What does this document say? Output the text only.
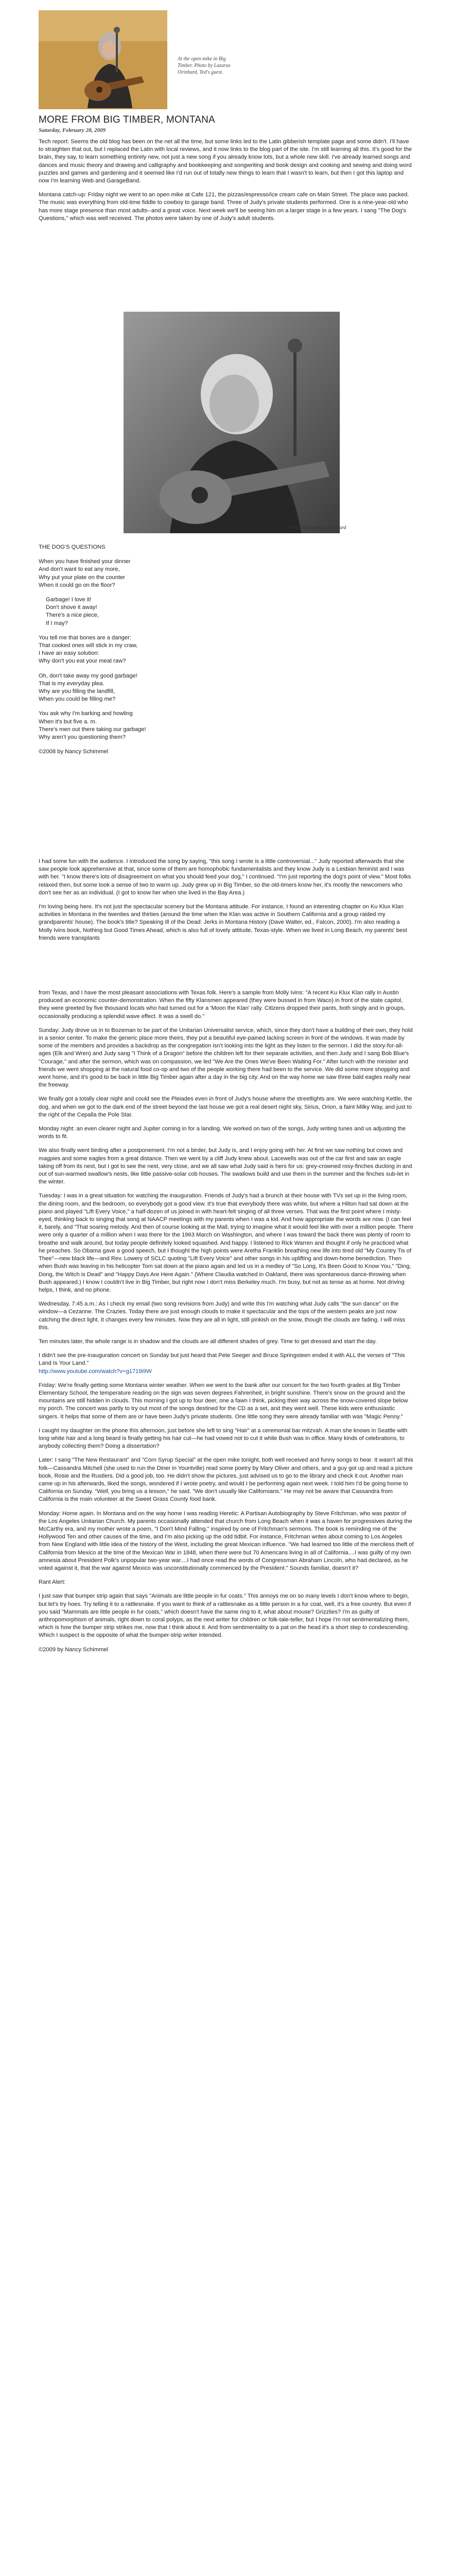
At the open mike in Big
Timber. Photo by Lazarus
Orinhard, Ted's guest.
MORE FROM BIG TIMBER, MONTANA
Saturday, February 28, 2009

Tech report: Seems the old blog has been on the net all the time, but some links led to the Latin gibberish template page and some didn't. I'll have to straighten that out, but I replaced the Latin with local reviews, and it now links to the blog part of the site. I'm still learning all this. It's good for the brain, they say, to learn something entirely new, not just a new song if you already know lots, but a whole new skill. I've already learned songs and dances and music theory and drawing and calligraphy and bookkeeping and songwriting and book design and cooking and sewing and doing word puzzles and games and gardening and it seemed like I'd run out of totally new things to learn that I wasn't to learn, but then I got this laptop and now I'm learning Web and GarageBand.

Montana catch-up: Friday night we went to an open mike at Cafe 121, the pizzas/espresso/ice cream cafe on Main Street. The place was packed. The music was everything from old-time fiddle to cowboy to garage band. Three of Judy's private students performed. One is a nine-year-old who has more stage presence than most adults--and a great voice. Next week we'll be seeing him on a larger stage in a few years. I sang "The Dog's Questions," which was well received. The photos were taken by one of Judy's adult students.

Photo by Lazarus Orinhard

THE DOG'S QUESTIONS

When you have finished your dinner
And don't want to eat any more,
Why put your plate on the counter
When it could go on the floor?

Garbage! I love it!
Don't shove it away!
There's a nice piece,
If I may?

You tell me that bones are a danger:
That cooked ones will stick in my craw,
I have an easy solution:
Why don't you eat your meat raw?

Oh, don't take away my good garbage!
That is my everyday plea.
Why are you filling the landfill,
When you could be filling me?

You ask why I'm barking and howling
When it's but five a. m.
There's men out there taking our garbage!
Why aren't you questioning them?

©2008 by Nancy Schimmel

I had some fun with the audience. I introduced the song by saying, "this song I wrote is a little controversial..." Judy reported afterwards that she saw people look apprehensive at that, since some of them are homophobic fundamentalists and they know Judy is a Lesbian feminist and I was with her. "I know there's lots of disagreement on what you should feed your dog," I continued. "I'm just reporting the dog's point of view." Most folks relaxed then, but some took a sense of two to warm up. Judy grew up in Big Timber, so the old-timers know her, it's mostly the newcomers who don't see her as an individual. (I got to know her when she lived in the Bay Area.)

I'm loving being here. It's not just the spectacular scenery but the Montana attitude. For instance, I found an interesting chapter on Ku Klux Klan activities in Montana in the twenties and thirties (around the time when the Klan was active in Southern California and a group raided my grandparents' house). The book's title? Speaking Ill of the Dead: Jerks in Montana History (Dave Walter, ed., Falcon, 2000). I'm also reading a Molly Ivins book, Nothing but Good Times Ahead, which is also full of lovely attitude, Texas-style. When we lived in Long Beach, my parents' best friends were transplants

from Texas, and I have the most pleasant associations with Texas folk. Here's a sample from Molly Ivins: "A recent Ku Klux Klan rally in Austin produced an economic counter-demonstration. When the fifty Klansmen appeared (they were bussed in from Waco) in front of the state capitol, they were greeted by five thousand locals who had turned out for a 'Moon the Klan' rally. Citizens dropped their pants, both singly and in groups, occasionally producing a splendid wave effect. It was a swell do."

Sunday: Judy drove us in to Bozeman to be part of the Unitarian Universalist service, which, since they don't have a building of their own, they hold in a senior center. To make the generic place more theirs, they put a beautiful eye-pained lacking screen in front of the windows. It was made by some of the members and provides a backdrop as the congregation isn't looking into the light as they listen to the sermon. I did the story-for-all-ages (Elk and Wren) and Judy sang "I Think of a Dragon" before the children left for their separate activities, and then Judy and I sang Bob Blue's "Courage," and after the sermon, which was on compassion, we led "We Are the Ones We've Been Waiting For." After lunch with the minister and friends we went shopping at the natural food co-op and two of the people working there had been to the service. We did some more shopping and went home, and it's good to be back in little Big Timber again after a day in the big city. And on the way home we saw three bald eagles really near the freeway.

We finally got a totally clear night and could see the Pleiades even in front of Judy's house where the streetlights are. We were watching Kettle, the dog, and when we got to the dark end of the street beyond the last house we got a real desert night sky, Sirius, Orion, a faint Milky Way, and just to the right of the Cepalla the Pole Star.

Monday night: an even clearer night and Jupiter coming in for a landing. We worked on two of the songs, Judy writing tunes and us adjusting the words to fit.

We also finally went birding after a postponement. I'm not a birder, but Judy is, and I enjoy going with her. At first we saw nothing but crows and magpies and some eagles from a great distance. Then we went by a cliff Judy knew about. Lacewells was out of the car first and saw an eagle taking off from its nest, but I got to see the nest, very close, and we all saw what Judy said is hers for us: grey-crowned rosy-finches ducking in and out of sun-warmed swallow's nests, like little passive-solar cob houses. The swallows build and use them in the summer and the finches sub-let in the winter.

Tuesday: I was in a great situation for watching the inauguration. Friends of Judy's had a brunch at their house with TVs set up in the living room, the dining room, and the bedroom, so everybody got a good view. It's true that everybody there was white, but where a Hilton had sat down at the piano and played "Lift Every Voice," a half-dozen of us joined in with heart-felt singing of all three verses. That was the first point where I misty-eyed, thinking back to singing that song at NAACP meetings with my parents when I was a kid. And how appropriate the words are now. (I can feel it, barely, and "That soaring melody. And then of course looking at the Mall, trying to imagine what it would feel like with over a million people. There were only a quarter of a million when I was there for the 1963 March on Washington, and where I was toward the back there was plenty of room to breathe and walk around, but today people definitely looked squashed. And happy. I listened to Rick Warren and thought if only he practiced what he preaches. So Obama gave a good speech, but I thought the high points were Aretha Franklin breathing new life into tired old "My Country Tis of Thee"—new black life—and Rev. Lowery of SCLC quoting "Lift Every Voice" and other songs in his uplifting and down-home benediction. Then when Bush was leaving in his helicopter Tom sat down at the piano again and led us in a medley of "So Long, It's Been Good to Know You," "Ding, Dong, the Witch is Dead" and "Happy Days Are Here Again." (Where Claudia watched in Oakland, there was spontaneous dance-throwing when Bush appeared.) I know I couldn't live in Big Timber, but right now I don't miss Berkeley much. I'm busy, but not as tense as at home. Not driving helps, I think, and no phone.

Wednesday, 7:45 a.m.: As I check my email (two song revisions from Judy) and write this I'm watching what Judy calls "the sun dance" on the window—a Cezanne. The Crazies. Today there are just enough clouds to make it spectacular and the tops of the western peaks are just now catching the direct light. It changes every few minutes. Now they are all in light, still pinkish on the snow, though the clouds are fading. I will miss this.

Ten minutes later, the whole range is in shadow and the clouds are all different shades of grey. Time to get dressed and start the day.

I didn't see the pre-inauguration concert on Sunday but just heard that Pete Seeger and Bruce Springsteen ended it with ALL the verses of "This Land Is Your Land."

http://www.youtube.com/watch?v=g1719i9W

Friday: We're finally getting some Montana winter weather. When we went to the bank after our concert for the two fourth grades at Big Timber Elementary School, the temperature reading on the sign was seven degrees Fahrenheit, in bright sunshine. There's snow on the ground and the mountains are still hidden in clouds. This morning I got up to four deer, one a fawn I think, picking their way across the snow-covered slope below my porch. The concert was partly to try out most of the songs destined for the CD as a set, and they went well. These kids were enthusiastic singers. It helps that some of them are or have been Judy's private students. One little song they were already familiar with was "Magic Penny."

I caught my daughter on the phone this afternoon, just before she left to sing "Hair" at a ceremonial bar mitzvah. A man she knows in Seattle with long white hair and a long beard is finally getting his hair cut—he had vowed not to cut it while Bush was in office. Many kinds of celebrations, to anybody collecting them? Doing a dissertation?

Later: I sang "The New Restaurant" and "Corn Syrup Special" at the open mike tonight, both well received and funny songs to hear. It wasn't all this folk—Cassandra Mitchell (she used to run the Diner in Yountville) read some poetry by Mary Oliver and others, and a guy got up and read a picture book, Rosie and the Rustlers. Did a good job, too. He didn't show the pictures, just advised us to go to the library and check it out. Another man came up in his afterwards, liked the songs, wondered if I wrote poetry, and would I be performing again next week. I told him I'd be going home to California on Sunday. "Well, you bring us a lesson," he said. "We don't usually like Californians." He may not be aware that Cassandra from California is the main volunteer at the Sweet Grass County food bank.

Monday: Home again. In Montana and on the way home I was reading Heretic: A Partisan Autobiography by Steve Fritchman, who was pastor of the Los Angeles Unitarian Church. My parents occasionally attended that church from Long Beach when it was a haven for progressives during the McCarthy era, and my mother wrote a poem, "I Don't Mind Falling," inspired by one of Fritchman's sermons. The book is reminding me of the Hollywood Ten and other causes of the time, and I'm also picking up the odd tidbit. For instance, Fritchman writes about coming to Los Angeles from New England with little idea of the history of the West, including the great Mexican influence. "We had learned too little of the merciless theft of California from Mexico at the time of the Mexican War in 1848, when there were but 70 Americans living in all of California....I was guilty of my own amnesia about President Polk's unpopular two-year war....I had once read the words of Congressman Abraham Lincoln, who had declared, as he voted against it, that the war against Mexico was unconstitutionally commenced by the President." Sounds familiar, doesn't it?

Rant Alert:

I just saw that bumper strip again that says "Animals are little people in fur coats." This annoys me on so many levels I don't know where to begin, but let's try hoes. Try telling it to a rattlesnake. If you want to think of a rattlesnake as a little person in a fur coat, well, it's a free country. But even if you said "Mammals are little people in fur coats," which doesn't have the same ring to it, what about mouse? Grizzlies? I'm as guilty of anthropomorphism of animals, right down to coral polyps, as the next writer for children or folk-tale-teller, but I hope I'm not sentimentalizing them, which is how the bumper strip strikes me, now that I think about it. And from sentimentality to a pat on the head it's a short step to condescending. Which I suspect is the opposite of what the bumper-strip writer intended.

©2009 by Nancy Schimmel
